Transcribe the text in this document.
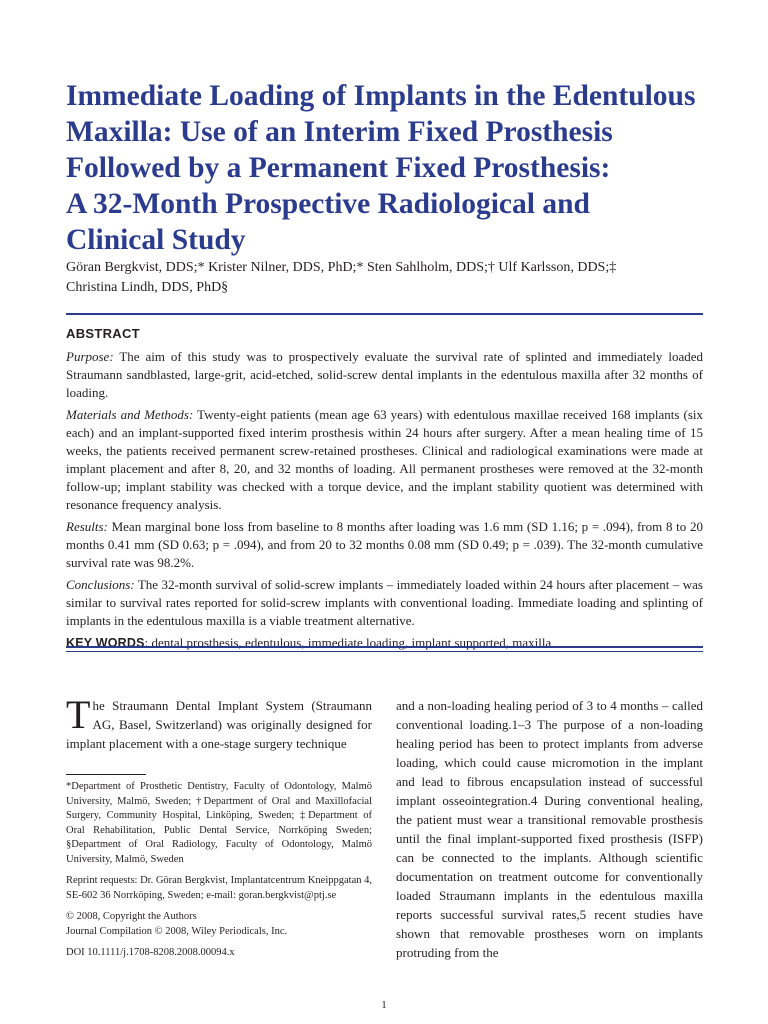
Immediate Loading of Implants in the Edentulous
Maxilla: Use of an Interim Fixed Prosthesis
Followed by a Permanent Fixed Prosthesis:
A 32-Month Prospective Radiological and
Clinical Study
Göran Bergkvist, DDS;* Krister Nilner, DDS, PhD;* Sten Sahlholm, DDS;† Ulf Karlsson, DDS;‡
Christina Lindh, DDS, PhD§

ABSTRACT

Purpose: The aim of this study was to prospectively evaluate the survival rate of splinted and immediately loaded Straumann sandblasted, large-grit, acid-etched, solid-screw dental implants in the edentulous maxilla after 32 months of loading.

Materials and Methods: Twenty-eight patients (mean age 63 years) with edentulous maxillae received 168 implants (six each) and an implant-supported fixed interim prosthesis within 24 hours after surgery. After a mean healing time of 15 weeks, the patients received permanent screw-retained prostheses. Clinical and radiological examinations were made at implant placement and after 8, 20, and 32 months of loading. All permanent prostheses were removed at the 32-month follow-up; implant stability was checked with a torque device, and the implant stability quotient was determined with resonance frequency analysis.

Results: Mean marginal bone loss from baseline to 8 months after loading was 1.6 mm (SD 1.16; p = .094), from 8 to 20 months 0.41 mm (SD 0.63; p = .094), and from 20 to 32 months 0.08 mm (SD 0.49; p = .039). The 32-month cumulative survival rate was 98.2%.

Conclusions: The 32-month survival of solid-screw implants – immediately loaded within 24 hours after placement – was similar to survival rates reported for solid-screw implants with conventional loading. Immediate loading and splinting of implants in the edentulous maxilla is a viable treatment alternative.

KEY WORDS: dental prosthesis, edentulous, immediate loading, implant supported, maxilla

The Straumann Dental Implant System (Straumann AG, Basel, Switzerland) was originally designed for implant placement with a one-stage surgery technique

*Department of Prosthetic Dentistry, Faculty of Odontology, Malmö University, Malmö, Sweden; †Department of Oral and Maxillofacial Surgery, Community Hospital, Linköping, Sweden; ‡Department of Oral Rehabilitation, Public Dental Service, Norrköping Sweden; §Department of Oral Radiology, Faculty of Odontology, Malmö University, Malmö, Sweden

Reprint requests: Dr. Göran Bergkvist, Implantatcentrum Kneippgatan 4, SE-602 36 Norrköping, Sweden; e-mail: goran.bergkvist@ptj.se

© 2008, Copyright the Authors

Journal Compilation © 2008, Wiley Periodicals, Inc.

DOI 10.1111/j.1708-8208.2008.00094.x

and a non-loading healing period of 3 to 4 months – called conventional loading.1–3 The purpose of a non-loading healing period has been to protect implants from adverse loading, which could cause micromotion in the implant and lead to fibrous encapsulation instead of successful implant osseointegration.4 During conventional healing, the patient must wear a transitional removable prosthesis until the final implant-supported fixed prosthesis (ISFP) can be connected to the implants. Although scientific documentation on treatment outcome for conventionally loaded Straumann implants in the edentulous maxilla reports successful survival rates,5 recent studies have shown that removable prostheses worn on implants protruding from the

1
